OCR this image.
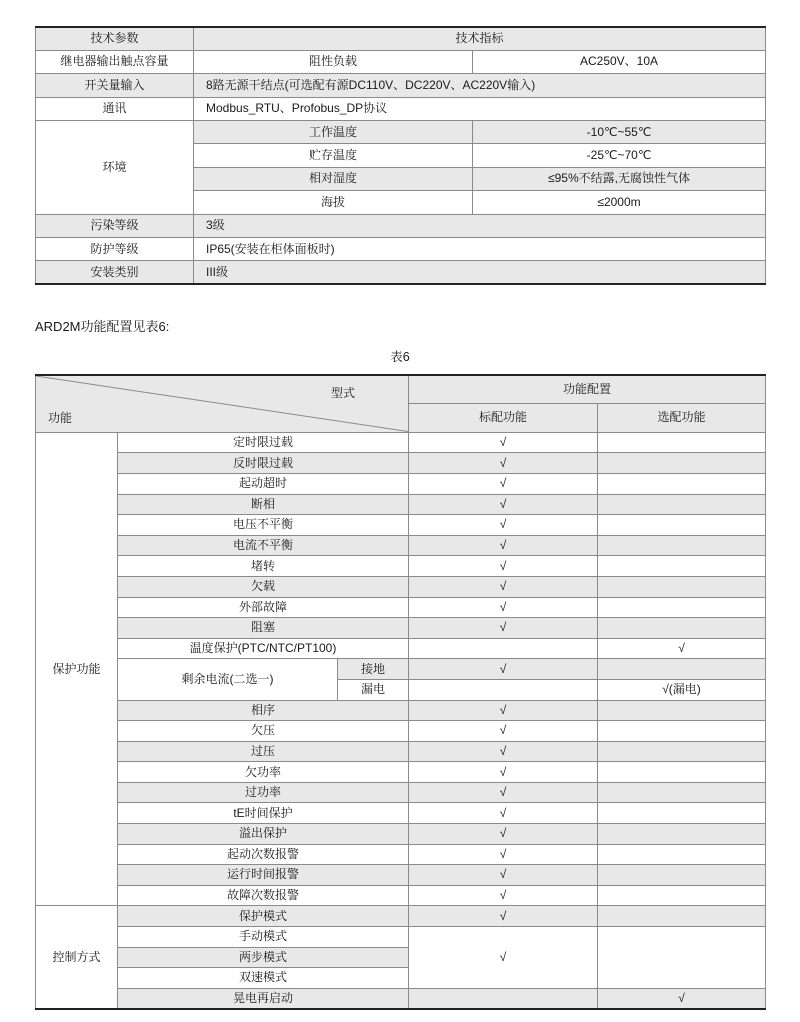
技术参数	技术指标	
继电器输出触点容量	阻性负载	AC250V、10A
开关量输入	8路无源干结点(可选配有源DC110V、DC220V、AC220V输入)	
通讯	Modbus_RTU、Profobus_DP协议	
环境	工作温度	-10℃~55℃
	贮存温度	-25℃~70℃
	相对湿度	≤95%不结露,无腐蚀性气体
	海拔	≤2000m
污染等级	3级	
防护等级	IP65(安装在柜体面板时)	
安装类别	III级	
ARD2M功能配置见表6:
表6
型式
功能			功能配置	
			标配功能	选配功能
保护功能	定时限过载		√	
	反时限过载		√	
	起动超时		√	
	断相		√	
	电压不平衡		√	
	电流不平衡		√	
	堵转		√	
	欠载		√	
	外部故障		√	
	阻塞		√	
	温度保护(PTC/NTC/PT100)			√
	剩余电流(二选一)	接地	√	
		漏电		√(漏电)
	相序		√	
	欠压		√	
	过压		√	
	欠功率		√	
	过功率		√	
	tE时间保护		√	
	溢出保护		√	
	起动次数报警		√	
	运行时间报警		√	
	故障次数报警		√	
控制方式	保护模式		√	
	手动模式		√	
	两步模式			
	双速模式			
	晃电再启动			√
